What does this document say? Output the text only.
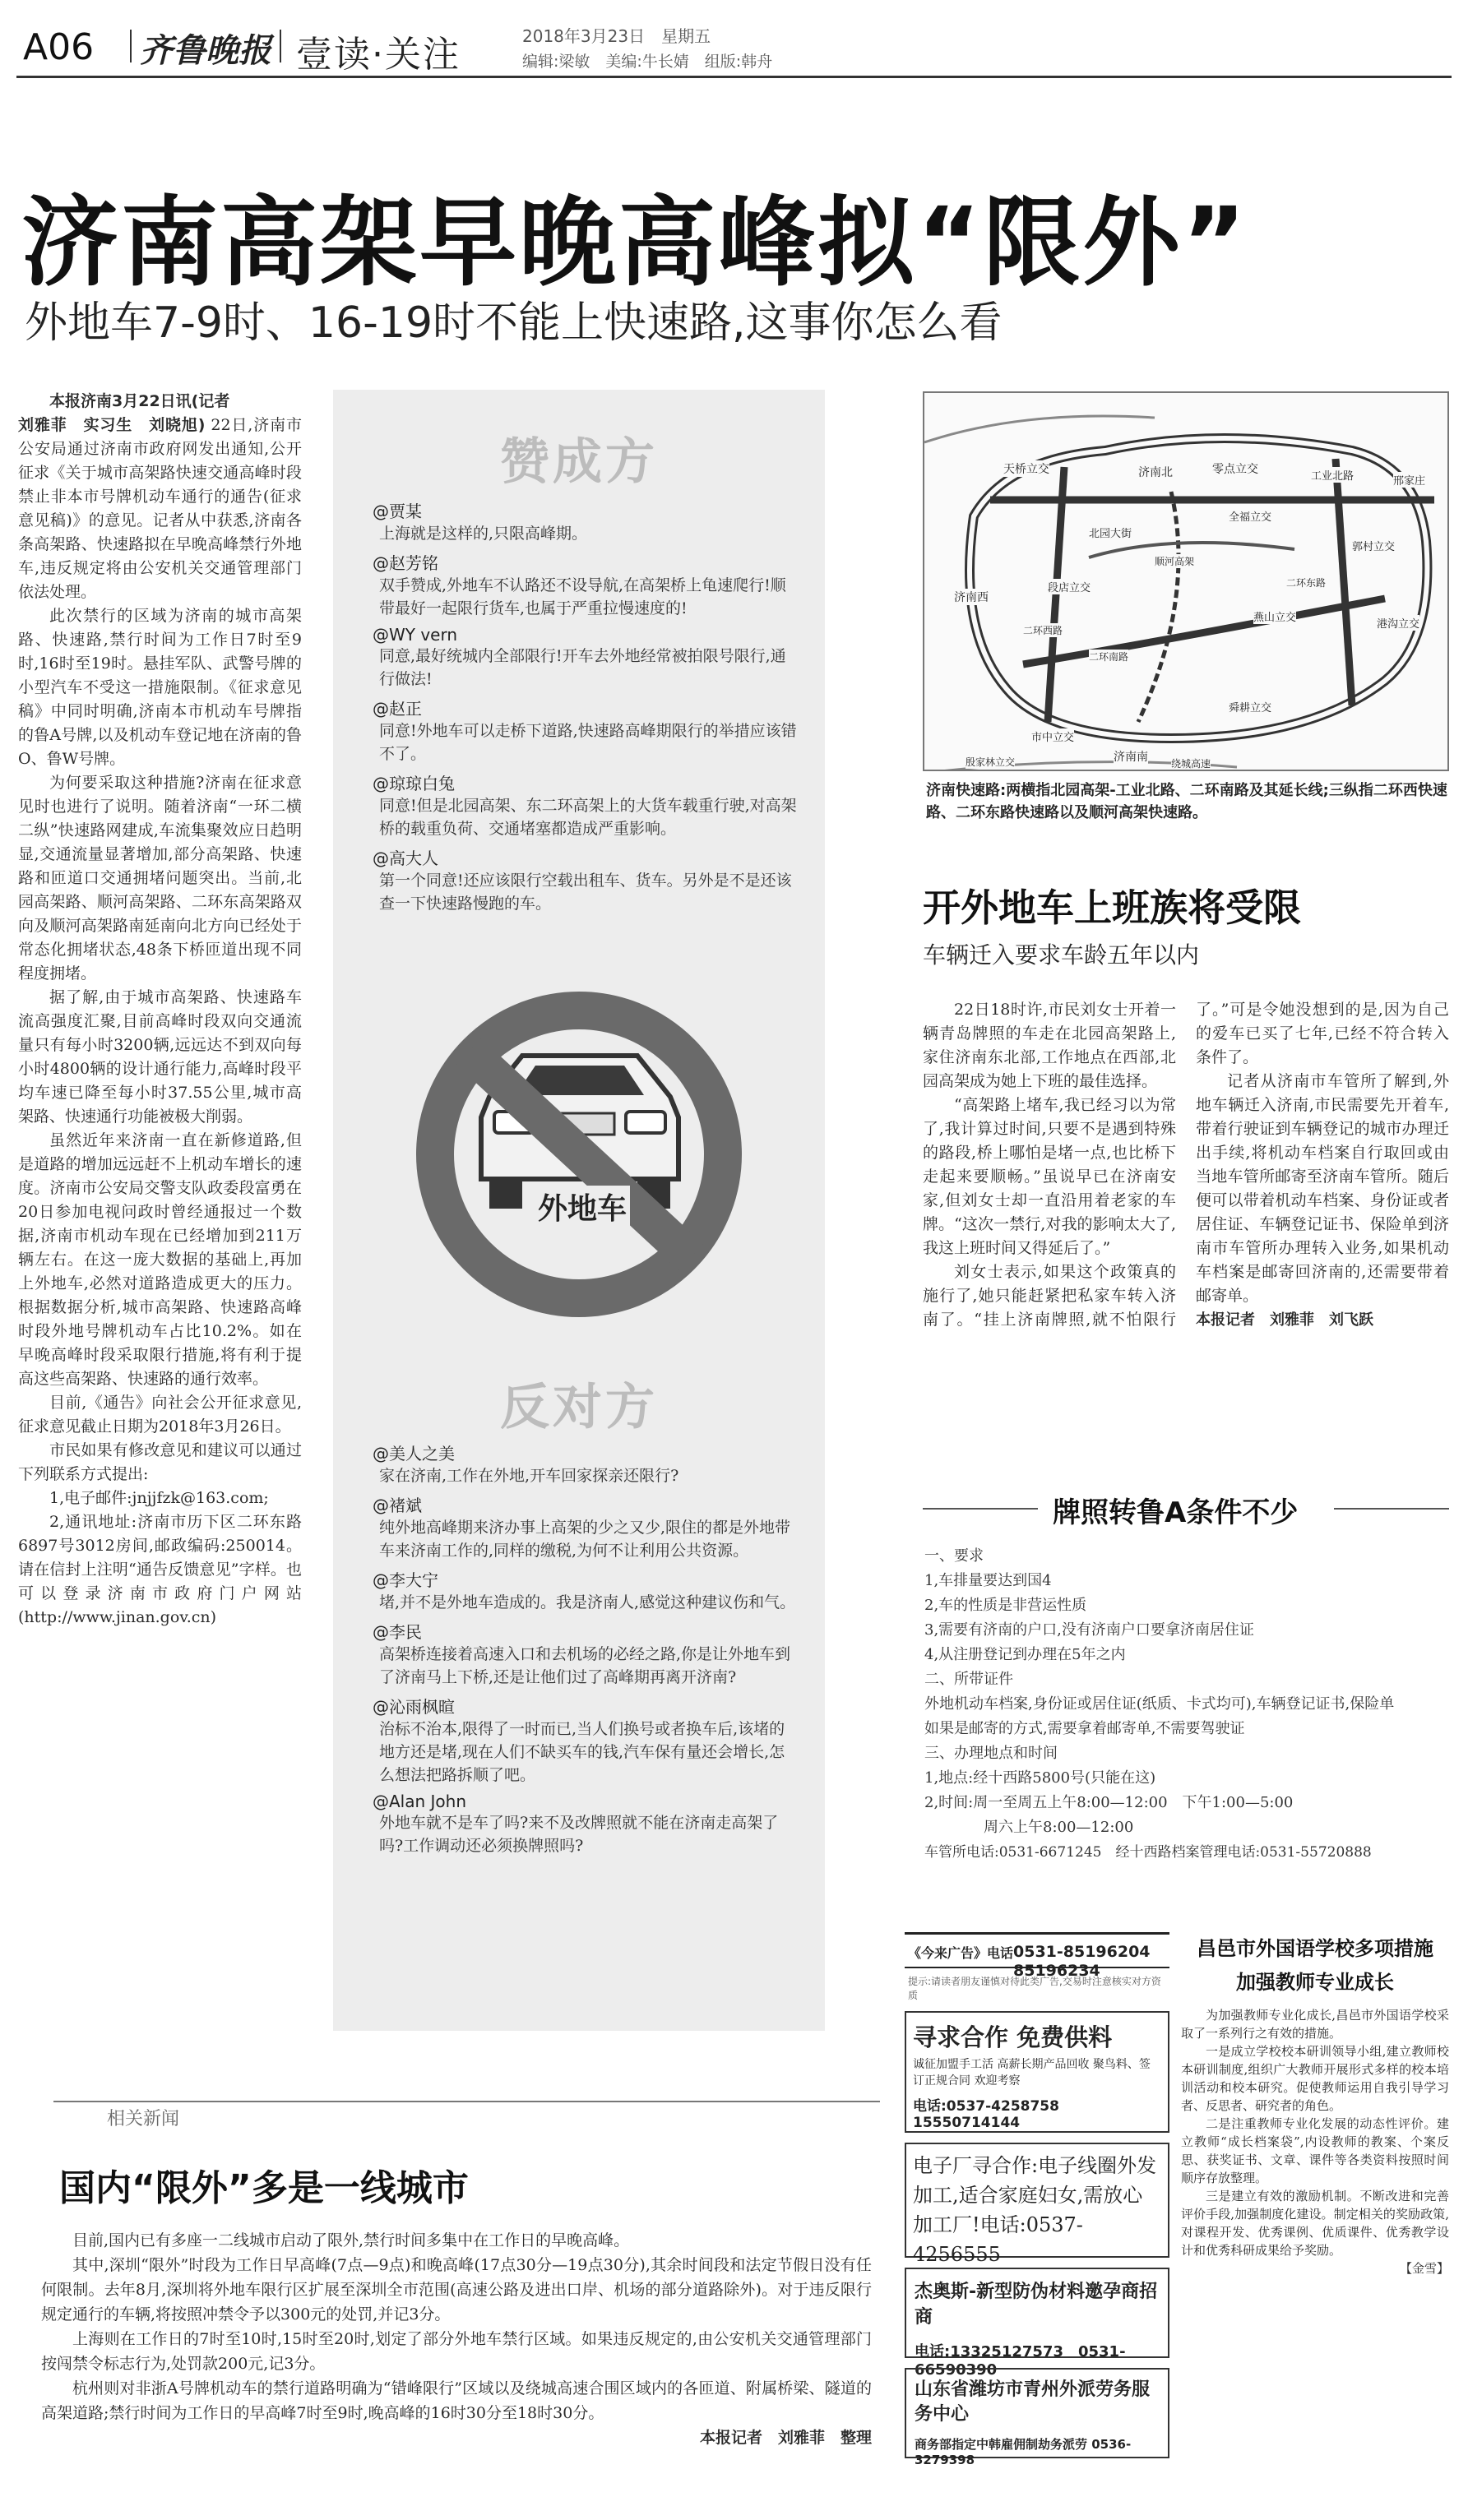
A06 齐鲁晚报 壹读·关注	2018年3月23日　星期五
编辑:梁敏　美编:牛长婧　组版:韩舟
济南高架早晚高峰拟“限外”
外地车7-9时、16-19时不能上快速路,这事你怎么看

本报济南3月22日讯(记者

刘雅菲　实习生　刘晓旭) 22日,济南市公安局通过济南市政府网发出通知,公开征求《关于城市高架路快速交通高峰时段禁止非本市号牌机动车通行的通告(征求意见稿)》的意见。记者从中获悉,济南各条高架路、快速路拟在早晚高峰禁行外地车,违反规定将由公安机关交通管理部门依法处理。

此次禁行的区域为济南的城市高架路、快速路,禁行时间为工作日7时至9时,16时至19时。悬挂军队、武警号牌的小型汽车不受这一措施限制。《征求意见稿》中同时明确,济南本市机动车号牌指的鲁A号牌,以及机动车登记地在济南的鲁O、鲁W号牌。

为何要采取这种措施?济南在征求意见时也进行了说明。随着济南“一环二横二纵”快速路网建成,车流集聚效应日趋明显,交通流量显著增加,部分高架路、快速路和匝道口交通拥堵问题突出。当前,北园高架路、顺河高架路、二环东高架路双向及顺河高架路南延南向北方向已经处于常态化拥堵状态,48条下桥匝道出现不同程度拥堵。

据了解,由于城市高架路、快速路车流高强度汇聚,目前高峰时段双向交通流量只有每小时3200辆,远远达不到双向每小时4800辆的设计通行能力,高峰时段平均车速已降至每小时37.55公里,城市高架路、快速通行功能被极大削弱。

虽然近年来济南一直在新修道路,但是道路的增加远远赶不上机动车增长的速度。济南市公安局交警支队政委段富勇在20日参加电视问政时曾经通报过一个数据,济南市机动车现在已经增加到211万辆左右。在这一庞大数据的基础上,再加上外地车,必然对道路造成更大的压力。根据数据分析,城市高架路、快速路高峰时段外地号牌机动车占比10.2%。如在早晚高峰时段采取限行措施,将有利于提高这些高架路、快速路的通行效率。

目前,《通告》向社会公开征求意见,征求意见截止日期为2018年3月26日。

市民如果有修改意见和建议可以通过下列联系方式提出:

1,电子邮件:jnjjfzk@163.com;

2,通讯地址:济南市历下区二环东路6897号3012房间,邮政编码:250014。请在信封上注明“通告反馈意见”字样。也可以登录济南市政府门户网站(http://www.jinan.gov.cn)

赞成方
@贾某
上海就是这样的,只限高峰期。
@赵芳铭
双手赞成,外地车不认路还不设导航,在高架桥上龟速爬行!顺带最好一起限行货车,也属于严重拉慢速度的!
@WY vern
同意,最好统城内全部限行!开车去外地经常被拍限号限行,通行做法!
@赵正
同意!外地车可以走桥下道路,快速路高峰期限行的举措应该错不了。
@琼琼白兔
同意!但是北园高架、东二环高架上的大货车载重行驶,对高架桥的载重负荷、交通堵塞都造成严重影响。
@高大人
第一个同意!还应该限行空载出租车、货车。另外是不是还该查一下快速路慢跑的车。
外地车
反对方
@美人之美
家在济南,工作在外地,开车回家探亲还限行?
@褚斌
纯外地高峰期来济办事上高架的少之又少,限住的都是外地带车来济南工作的,同样的缴税,为何不让利用公共资源。
@李大宁
堵,并不是外地车造成的。我是济南人,感觉这种建议伤和气。
@李民
高架桥连接着高速入口和去机场的必经之路,你是让外地车到了济南马上下桥,还是让他们过了高峰期再离开济南?
@沁雨枫暄
治标不治本,限得了一时而已,当人们换号或者换车后,该堵的地方还是堵,现在人们不缺买车的钱,汽车保有量还会增长,怎么想法把路拆顺了吧。
@Alan John
外地车就不是车了吗?来不及改牌照就不能在济南走高架了吗?工作调动还必须换牌照吗?
天桥立交	济南北	零点立交
工业北路	邢家庄
济南西
北园大街
全福立交
郭村立交
段店立交
顺河高架
二环西路
二环东路
二环南路
港沟立交
燕山立交
舜耕立交
济南南
市中立交
殷家林立交	绕城高速
济南快速路:两横指北园高架-工业北路、二环南路及其延长线;三纵指二环西快速路、二环东路快速路以及顺河高架快速路。
开外地车上班族将受限
车辆迁入要求车龄五年以内

22日18时许,市民刘女士开着一辆青岛牌照的车走在北园高架路上,家住济南东北部,工作地点在西部,北园高架成为她上下班的最佳选择。

“高架路上堵车,我已经习以为常了,我计算过时间,只要不是遇到特殊的路段,桥上哪怕是堵一点,也比桥下走起来要顺畅。”虽说早已在济南安家,但刘女士却一直沿用着老家的车牌。“这次一禁行,对我的影响太大了,我这上班时间又得延后了。”

刘女士表示,如果这个政策真的施行了,她只能赶紧把私家车转入济南了。“挂上济南牌照,就不怕限行了。”可是令她没想到的是,因为自己的爱车已买了七年,已经不符合转入条件了。

记者从济南市车管所了解到,外地车辆迁入济南,市民需要先开着车,带着行驶证到车辆登记的城市办理迁出手续,将机动车档案自行取回或由当地车管所邮寄至济南车管所。随后便可以带着机动车档案、身份证或者居住证、车辆登记证书、保险单到济南市车管所办理转入业务,如果机动车档案是邮寄回济南的,还需要带着邮寄单。

本报记者　刘雅菲　刘飞跃

牌照转鲁A条件不少
一、要求
1,车排量要达到国4
2,车的性质是非营运性质
3,需要有济南的户口,没有济南户口要拿济南居住证
4,从注册登记到办理在5年之内
二、所带证件
外地机动车档案,身份证或居住证(纸质、卡式均可),车辆登记证书,保险单
如果是邮寄的方式,需要拿着邮寄单,不需要驾驶证
三、办理地点和时间
1,地点:经十西路5800号(只能在这)
2,时间:周一至周五上午8:00—12:00　下午1:00—5:00
　　　　周六上午8:00—12:00
车管所电话:0531-6671245　经十西路档案管理电话:0531-55720888
相关新闻
国内“限外”多是一线城市

目前,国内已有多座一二线城市启动了限外,禁行时间多集中在工作日的早晚高峰。

其中,深圳“限外”时段为工作日早高峰(7点—9点)和晚高峰(17点30分—19点30分),其余时间段和法定节假日没有任何限制。去年8月,深圳将外地车限行区扩展至深圳全市范围(高速公路及进出口岸、机场的部分道路除外)。对于违反限行规定通行的车辆,将按照冲禁令予以300元的处罚,并记3分。

上海则在工作日的7时至10时,15时至20时,划定了部分外地车禁行区域。如果违反规定的,由公安机关交通管理部门按闯禁令标志行为,处罚款200元,记3分。

杭州则对非浙A号牌机动车的禁行道路明确为“错峰限行”区域以及绕城高速合围区域内的各匝道、附属桥梁、隧道的高架道路;禁行时间为工作日的早高峰7时至9时,晚高峰的16时30分至18时30分。

本报记者　刘雅菲　整理

《今来广告》电话 0531-85196204　85196234
提示:请读者朋友谨慎对待此类广告,交易时注意核实对方资质
寻求合作 免费供料
诚征加盟手工活 高薪长期产品回收 聚鸟料、签订正规合同 欢迎考察
电话:0537-4258758　15550714144
电子厂寻合作:电子线圈外发加工,适合家庭妇女,需放心加工厂!电话:0537-4256555
杰奥斯-新型防伪材料邀孕商招商
电话:13325127573　0531-66590390
山东省潍坊市青州外派劳务服务中心
商务部指定中韩雇佣制劫务派劳 0536-3279398
昌邑市外国语学校多项措施
加强教师专业成长

为加强教师专业化成长,昌邑市外国语学校采取了一系列行之有效的措施。

一是成立学校校本研训领导小组,建立教师校本研训制度,组织广大教师开展形式多样的校本培训活动和校本研究。促使教师运用自我引导学习者、反思者、研究者的角色。

二是注重教师专业化发展的动态性评价。建立教师“成长档案袋”,内设教师的教案、个案反思、获奖证书、文章、课件等各类资料按照时间顺序存放整理。

三是建立有效的激励机制。不断改进和完善评价手段,加强制度化建设。制定相关的奖励政策,对课程开发、优秀课例、优质课件、优秀教学设计和优秀科研成果给予奖励。

【金雪】
